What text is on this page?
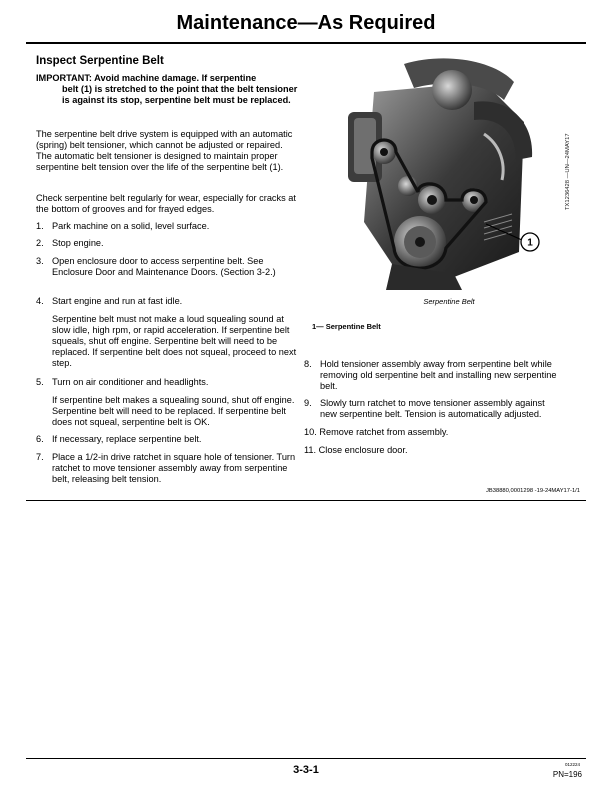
Maintenance—As Required
Inspect Serpentine Belt
IMPORTANT: Avoid machine damage. If serpentine
belt (1) is stretched to the point that the belt tensioner is against its stop, serpentine belt must be replaced.
The serpentine belt drive system is equipped with an automatic (spring) belt tensioner, which cannot be adjusted or repaired. The automatic belt tensioner is designed to maintain proper serpentine belt tension over the life of the serpentine belt (1).
Check serpentine belt regularly for wear, especially for cracks at the bottom of grooves and for frayed edges.
1. Park machine on a solid, level surface.
2. Stop engine.
3. Open enclosure door to access serpentine belt. See Enclosure Door and Maintenance Doors. (Section 3-2.)
4. Start engine and run at fast idle.
Serpentine belt must not make a loud squealing sound at slow idle, high rpm, or rapid acceleration. If serpentine belt squeals, shut off engine. Serpentine belt will need to be replaced. If serpentine belt does not squeal, proceed to next step.
5. Turn on air conditioner and headlights.
If serpentine belt makes a squealing sound, shut off engine. Serpentine belt will need to be replaced. If serpentine belt does not squeal, serpentine belt is OK.
6. If necessary, replace serpentine belt.
7. Place a 1/2-in drive ratchet in square hole of tensioner. Turn ratchet to move tensioner assembly away from serpentine belt, releasing belt tension.
1
TX1236428 —UN—24MAY17
Serpentine Belt
1— Serpentine Belt
8. Hold tensioner assembly away from serpentine belt while removing old serpentine belt and installing new serpentine belt.
9. Slowly turn ratchet to move tensioner assembly against new serpentine belt. Tension is automatically adjusted.
10. Remove ratchet from assembly.
11. Close enclosure door.
JB38880,0001298 -19-24MAY17-1/1
3-3-1	012224
PN=196
